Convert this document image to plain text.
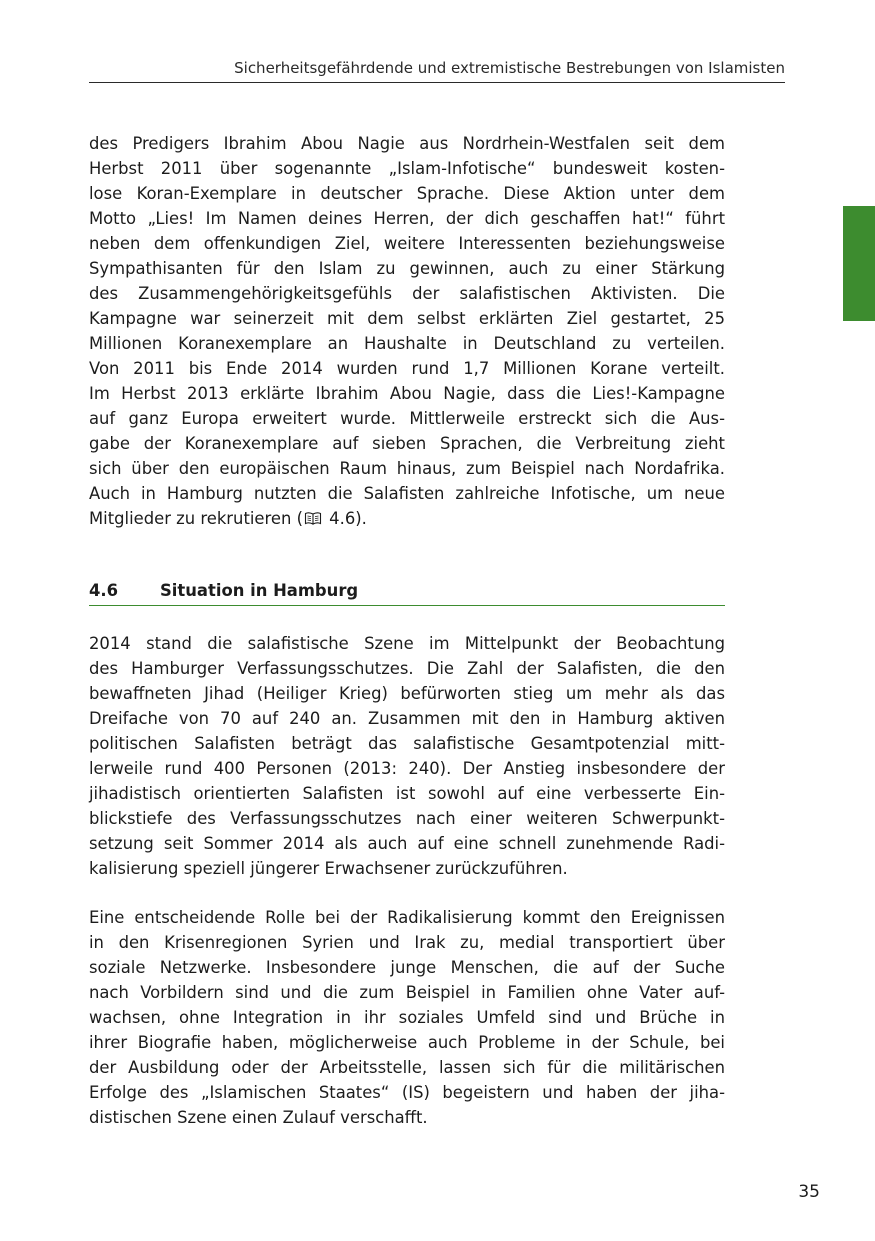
Sicherheitsgefährdende und extremistische Bestrebungen von Islamisten
des Predigers Ibrahim Abou Nagie aus Nordrhein-Westfalen seit dem
Herbst 2011 über sogenannte „Islam-Infotische“ bundesweit kosten-
lose Koran-Exemplare in deutscher Sprache. Diese Aktion unter dem
Motto „Lies! Im Namen deines Herren, der dich geschaffen hat!“ führt
neben dem offenkundigen Ziel, weitere Interessenten beziehungsweise
Sympathisanten für den Islam zu gewinnen, auch zu einer Stärkung
des Zusammengehörigkeitsgefühls der salafistischen Aktivisten. Die
Kampagne war seinerzeit mit dem selbst erklärten Ziel gestartet, 25
Millionen Koranexemplare an Haushalte in Deutschland zu verteilen.
Von 2011 bis Ende 2014 wurden rund 1,7 Millionen Korane verteilt.
Im Herbst 2013 erklärte Ibrahim Abou Nagie, dass die Lies!-Kampagne
auf ganz Europa erweitert wurde. Mittlerweile erstreckt sich die Aus-
gabe der Koranexemplare auf sieben Sprachen, die Verbreitung zieht
sich über den europäischen Raum hinaus, zum Beispiel nach Nordafrika.
Auch in Hamburg nutzten die Salafisten zahlreiche Infotische, um neue
Mitglieder zu rekrutieren ( 4.6).
4.6	Situation in Hamburg
2014 stand die salafistische Szene im Mittelpunkt der Beobachtung
des Hamburger Verfassungsschutzes. Die Zahl der Salafisten, die den
bewaffneten Jihad (Heiliger Krieg) befürworten stieg um mehr als das
Dreifache von 70 auf 240 an. Zusammen mit den in Hamburg aktiven
politischen Salafisten beträgt das salafistische Gesamtpotenzial mitt-
lerweile rund 400 Personen (2013: 240). Der Anstieg insbesondere der
jihadistisch orientierten Salafisten ist sowohl auf eine verbesserte Ein-
blickstiefe des Verfassungsschutzes nach einer weiteren Schwerpunkt-
setzung seit Sommer 2014 als auch auf eine schnell zunehmende Radi-
kalisierung speziell jüngerer Erwachsener zurückzuführen.
Eine entscheidende Rolle bei der Radikalisierung kommt den Ereignissen
in den Krisenregionen Syrien und Irak zu, medial transportiert über
soziale Netzwerke. Insbesondere junge Menschen, die auf der Suche
nach Vorbildern sind und die zum Beispiel in Familien ohne Vater auf-
wachsen, ohne Integration in ihr soziales Umfeld sind und Brüche in
ihrer Biografie haben, möglicherweise auch Probleme in der Schule, bei
der Ausbildung oder der Arbeitsstelle, lassen sich für die militärischen
Erfolge des „Islamischen Staates“ (IS) begeistern und haben der jiha-
distischen Szene einen Zulauf verschafft.
35
